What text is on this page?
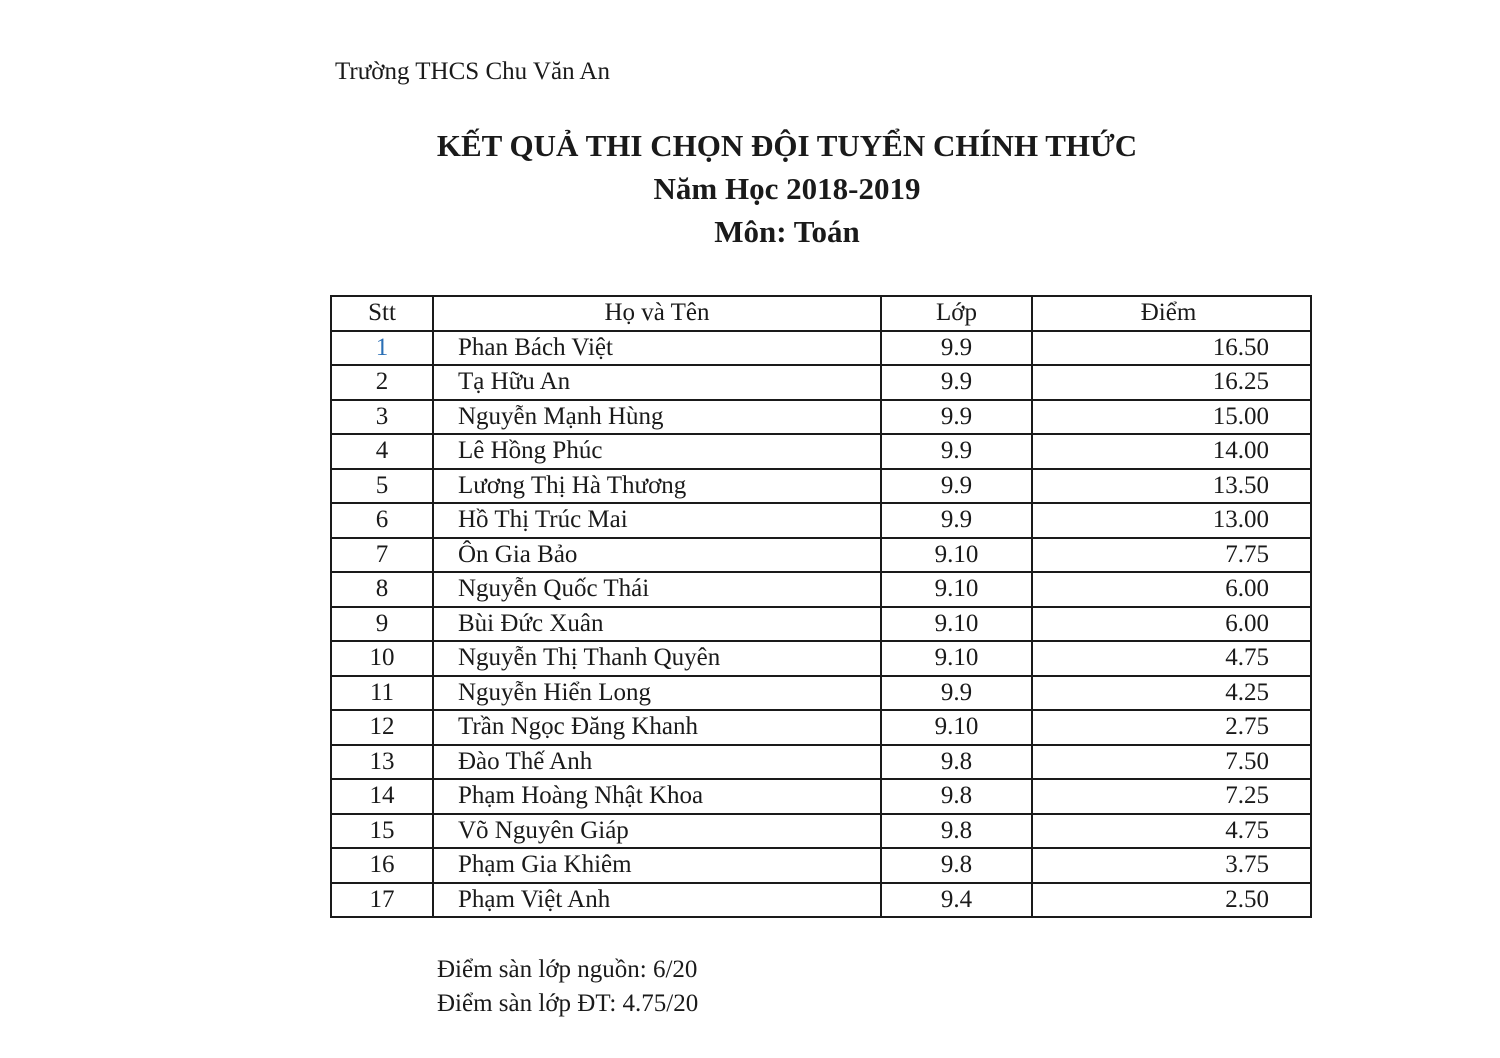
Trường THCS Chu Văn An
KẾT QUẢ THI CHỌN ĐỘI TUYỂN CHÍNH THỨC
Năm Học 2018-2019
Môn: Toán
Stt	Họ và Tên	Lớp	Điểm
1	Phan Bách Việt	9.9	16.50
2	Tạ Hữu An	9.9	16.25
3	Nguyễn Mạnh Hùng	9.9	15.00
4	Lê Hồng Phúc	9.9	14.00
5	Lương Thị Hà Thương	9.9	13.50
6	Hồ Thị Trúc Mai	9.9	13.00
7	Ôn Gia Bảo	9.10	7.75
8	Nguyễn Quốc Thái	9.10	6.00
9	Bùi Đức Xuân	9.10	6.00
10	Nguyễn Thị Thanh Quyên	9.10	4.75
11	Nguyễn Hiển Long	9.9	4.25
12	Trần Ngọc Đăng Khanh	9.10	2.75
13	Đào Thế Anh	9.8	7.50
14	Phạm Hoàng Nhật Khoa	9.8	7.25
15	Võ Nguyên Giáp	9.8	4.75
16	Phạm Gia Khiêm	9.8	3.75
17	Phạm Việt Anh	9.4	2.50
Điểm sàn lớp nguồn: 6/20
Điểm sàn lớp ĐT: 4.75/20
